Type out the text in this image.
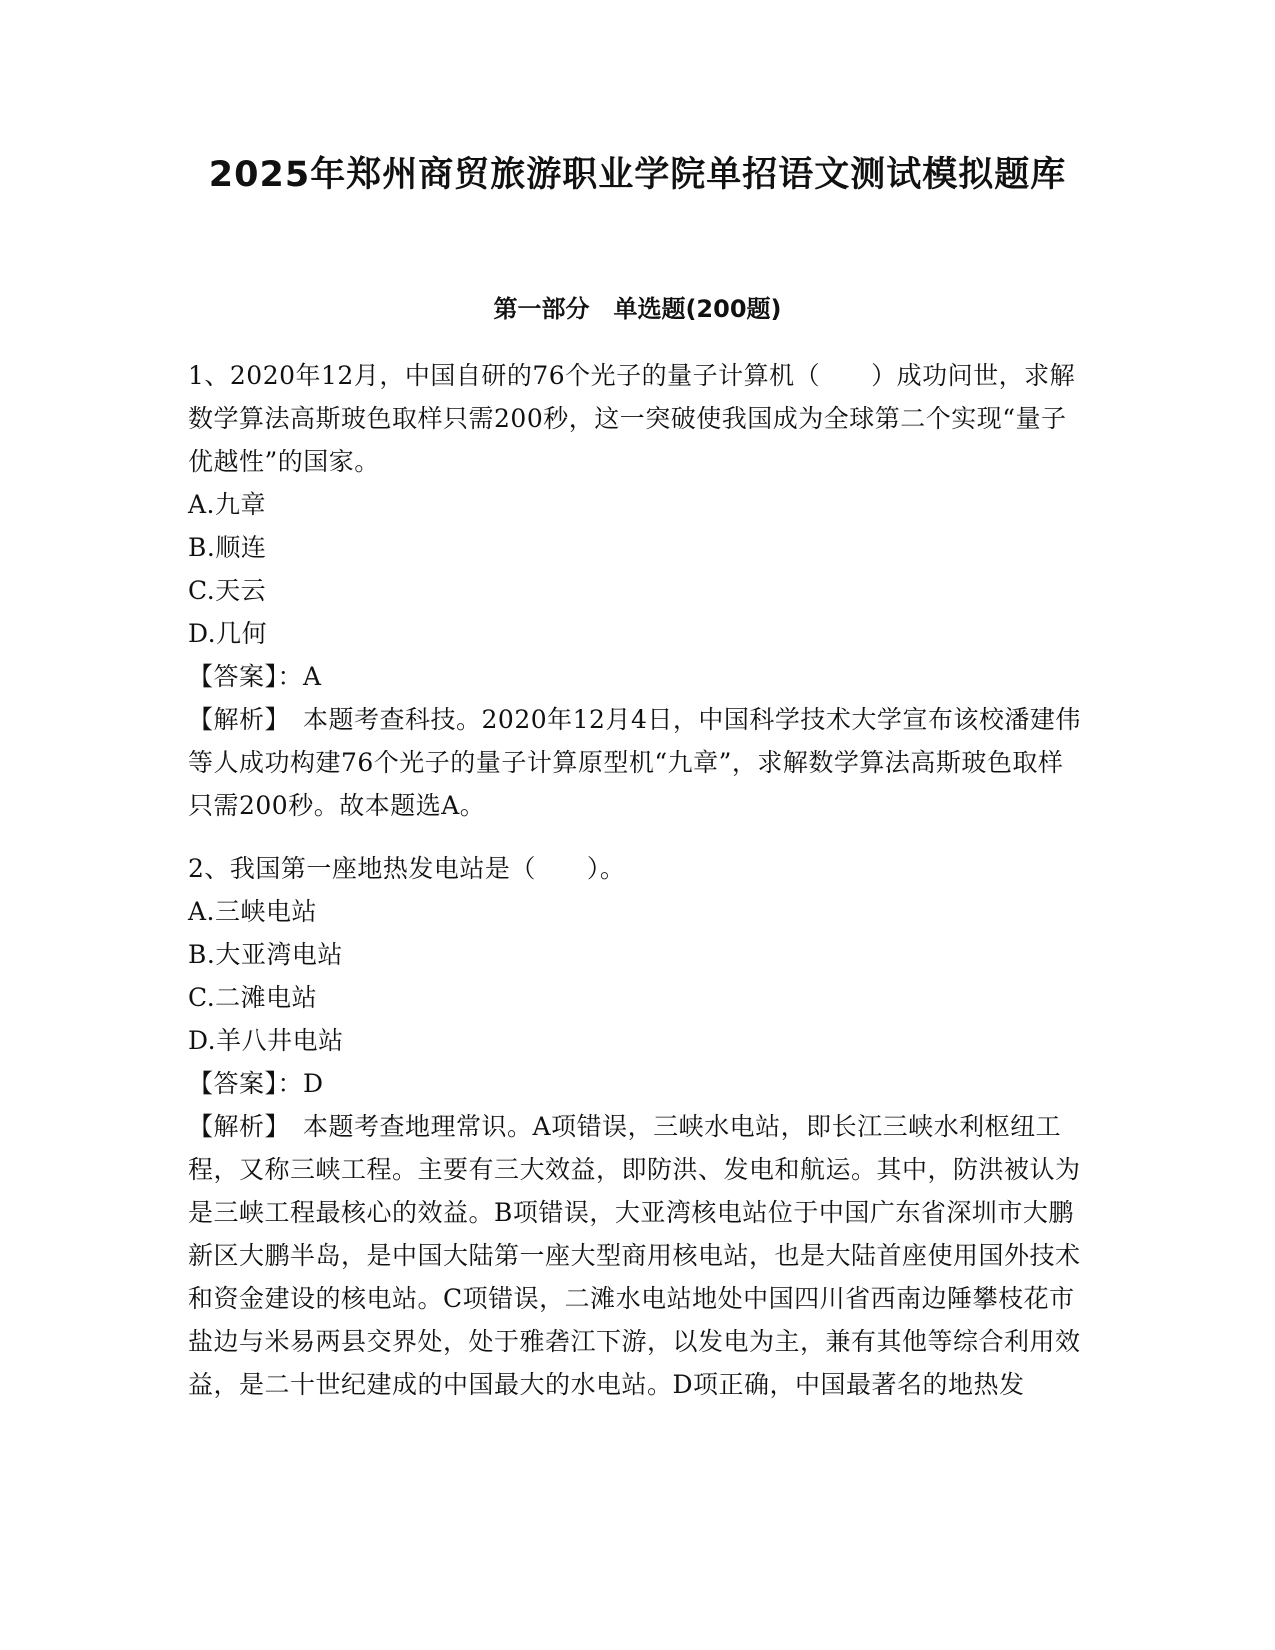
2025年郑州商贸旅游职业学院单招语文测试模拟题库
第一部分　单选题(200题)

1、2020年12月，中国自研的76个光子的量子计算机（　　）成功问世，求解数学算法高斯玻色取样只需200秒，这一突破使我国成为全球第二个实现“量子优越性”的国家。

A.九章

B.顺连

C.天云

D.几何

【答案】：A

【解析】　本题考查科技。2020年12月4日，中国科学技术大学宣布该校潘建伟等人成功构建76个光子的量子计算原型机“九章”，求解数学算法高斯玻色取样只需200秒。故本题选A。

2、我国第一座地热发电站是（　　）。

A.三峡电站

B.大亚湾电站

C.二滩电站

D.羊八井电站

【答案】：D

【解析】　本题考查地理常识。A项错误，三峡水电站，即长江三峡水利枢纽工程，又称三峡工程。主要有三大效益，即防洪、发电和航运。其中，防洪被认为是三峡工程最核心的效益。B项错误，大亚湾核电站位于中国广东省深圳市大鹏新区大鹏半岛，是中国大陆第一座大型商用核电站，也是大陆首座使用国外技术和资金建设的核电站。C项错误，二滩水电站地处中国四川省西南边陲攀枝花市盐边与米易两县交界处，处于雅砻江下游，以发电为主，兼有其他等综合利用效益，是二十世纪建成的中国最大的水电站。D项正确，中国最著名的地热发
